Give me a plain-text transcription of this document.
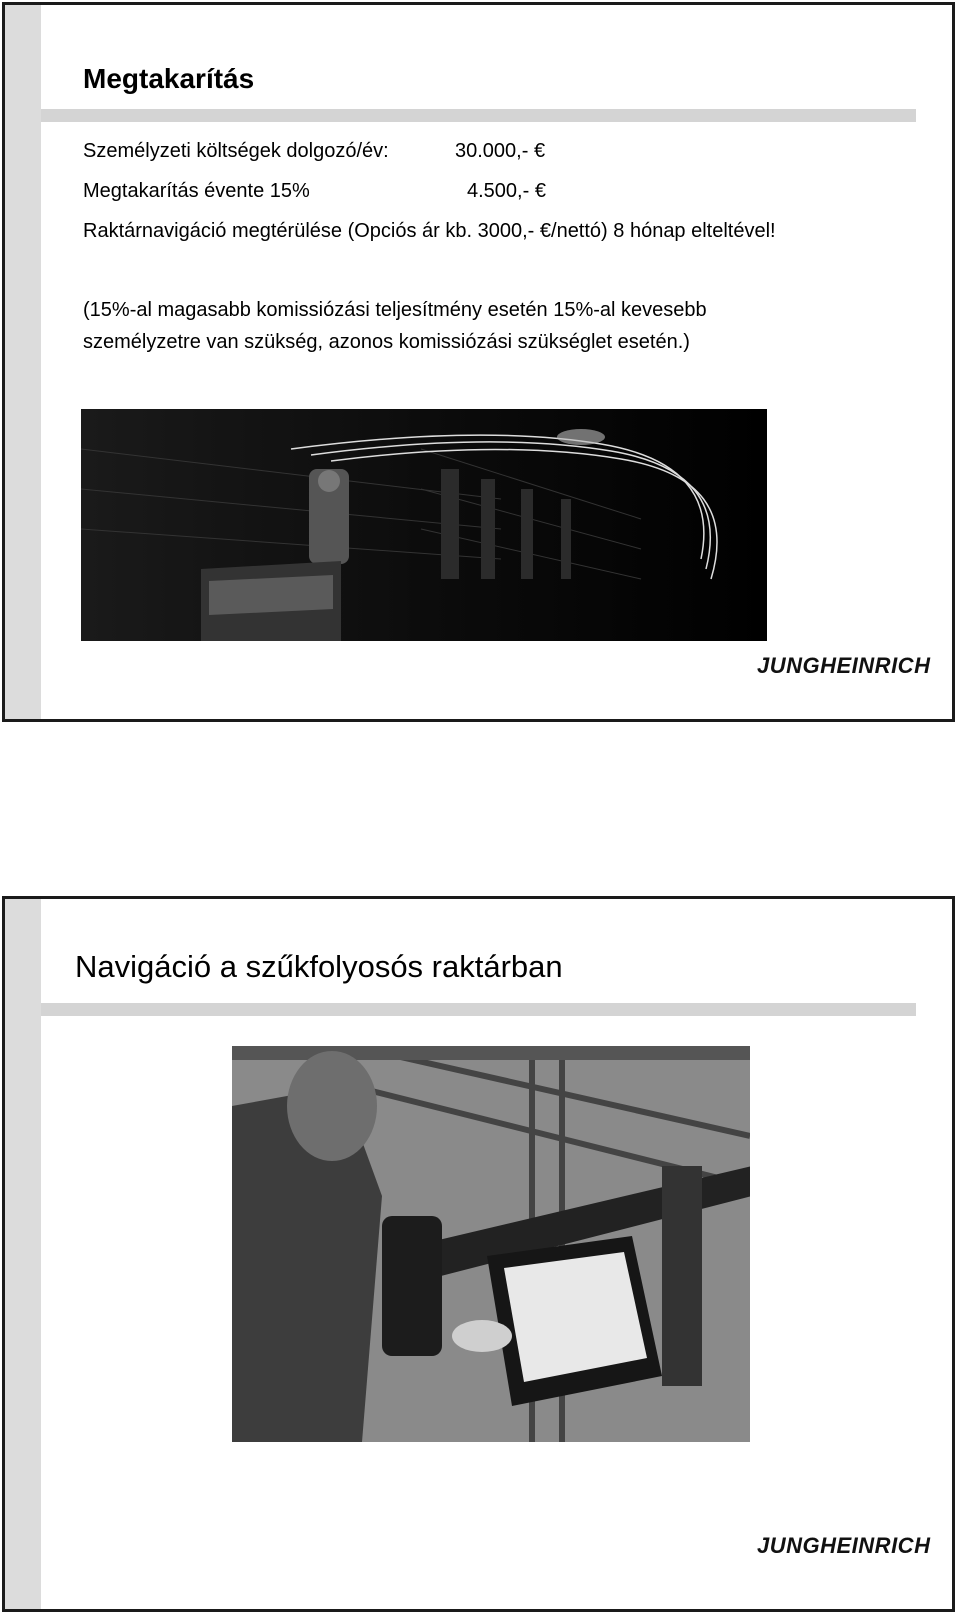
Megtakarítás
Személyzeti költségek dolgozó/év:	30.000,- €
Megtakarítás évente 15%	4.500,- €
Raktárnavigáció megtérülése (Opciós ár kb. 3000,- €/nettó) 8 hónap elteltével!
(15%-al magasabb komissiózási teljesítmény esetén 15%-al kevesebb
személyzetre van szükség, azonos komissiózási szükséglet esetén.)
JUNGHEINRICH
Navigáció a szűkfolyosós raktárban
JUNGHEINRICH
